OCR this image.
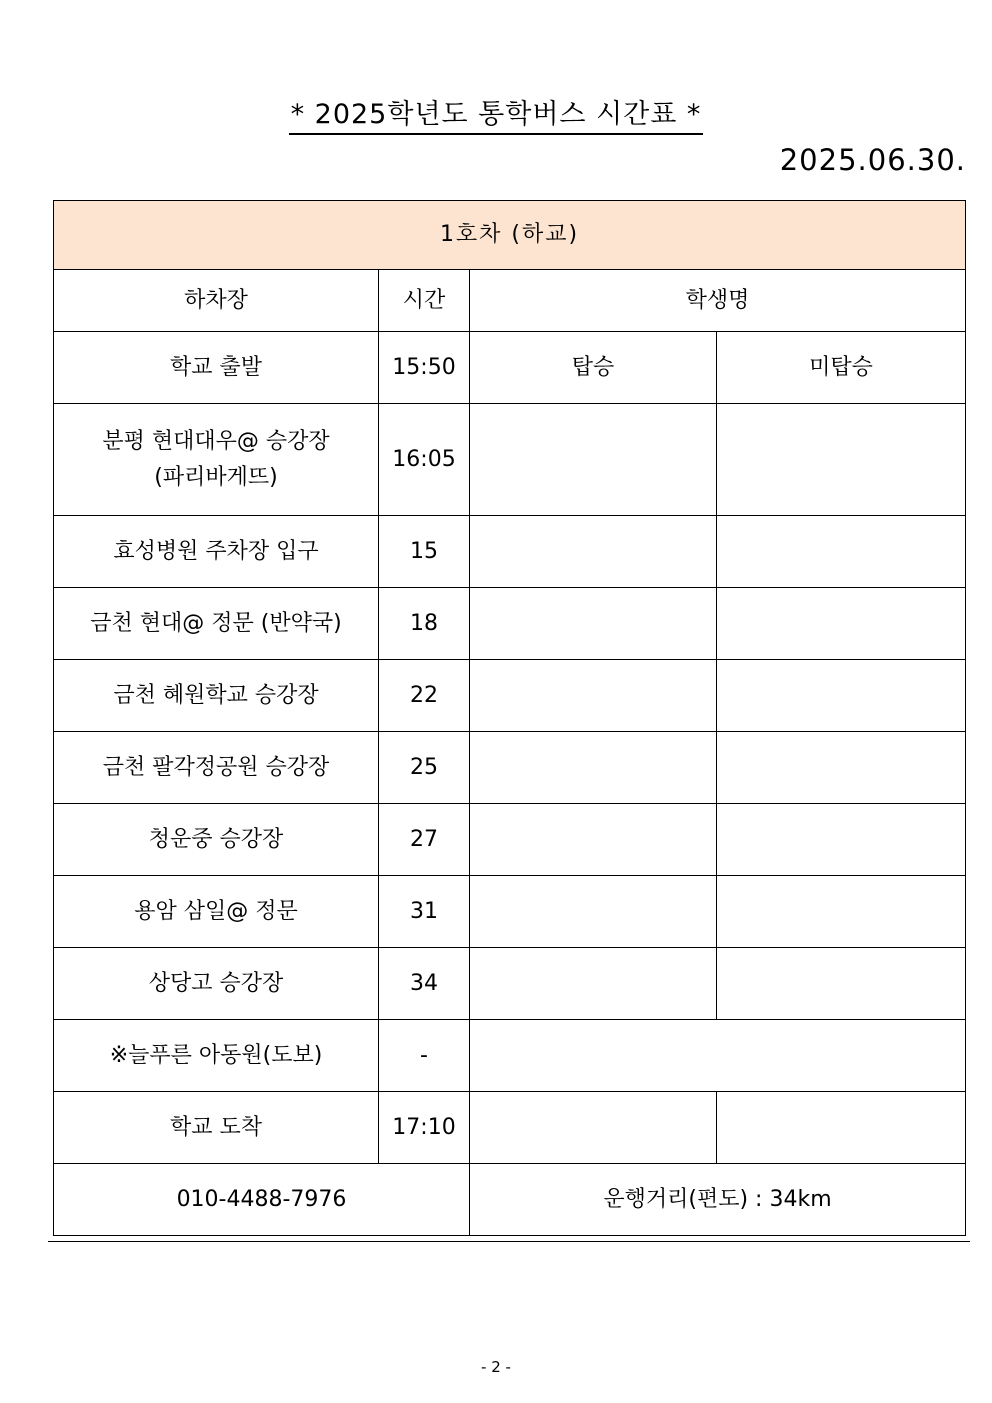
* 2025학년도 통학버스 시간표 *

2025.06.30.

1호차 (하교)			
하차장	시간	학생명	
학교 출발	15:50	탑승	미탑승
분평 현대대우@ 승강장
(파리바게뜨)	16:05		
효성병원 주차장 입구	15		
금천 현대@ 정문 (반약국)	18		
금천 혜원학교 승강장	22		
금천 팔각정공원 승강장	25		
청운중 승강장	27		
용암 삼일@ 정문	31		
상당고 승강장	34		
※늘푸른 아동원(도보)	-		
학교 도착	17:10		
010-4488-7976		운행거리(편도) : 34km	

- 2 -
